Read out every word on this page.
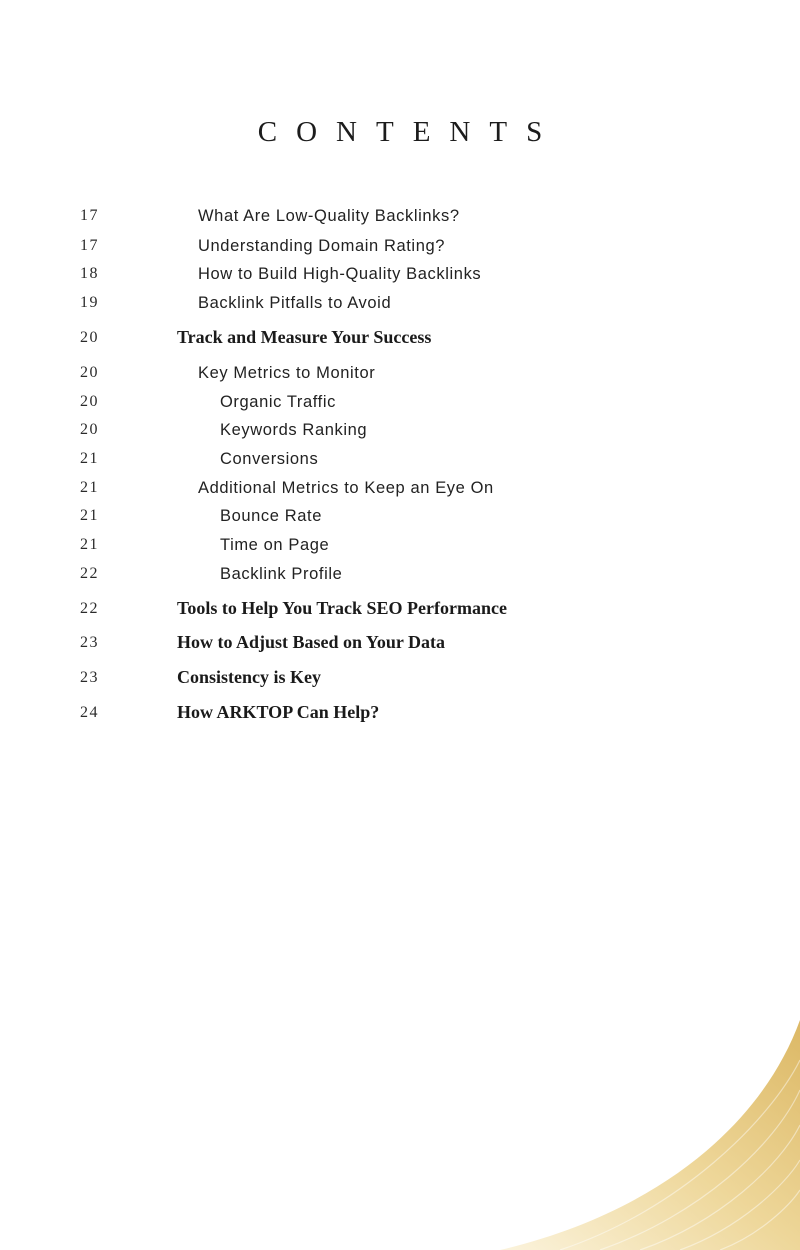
CONTENTS
17	What Are Low-Quality Backlinks?
17	Understanding Domain Rating?
18	How to Build High-Quality Backlinks
19	Backlink Pitfalls to Avoid
20	Track and Measure Your Success
20	Key Metrics to Monitor
20	Organic Traffic
20	Keywords Ranking
21	Conversions
21	Additional Metrics to Keep an Eye On
21	Bounce Rate
21	Time on Page
22	Backlink Profile
22	Tools to Help You Track SEO Performance
23	How to Adjust Based on Your Data
23	Consistency is Key
24	How ARKTOP Can Help?
